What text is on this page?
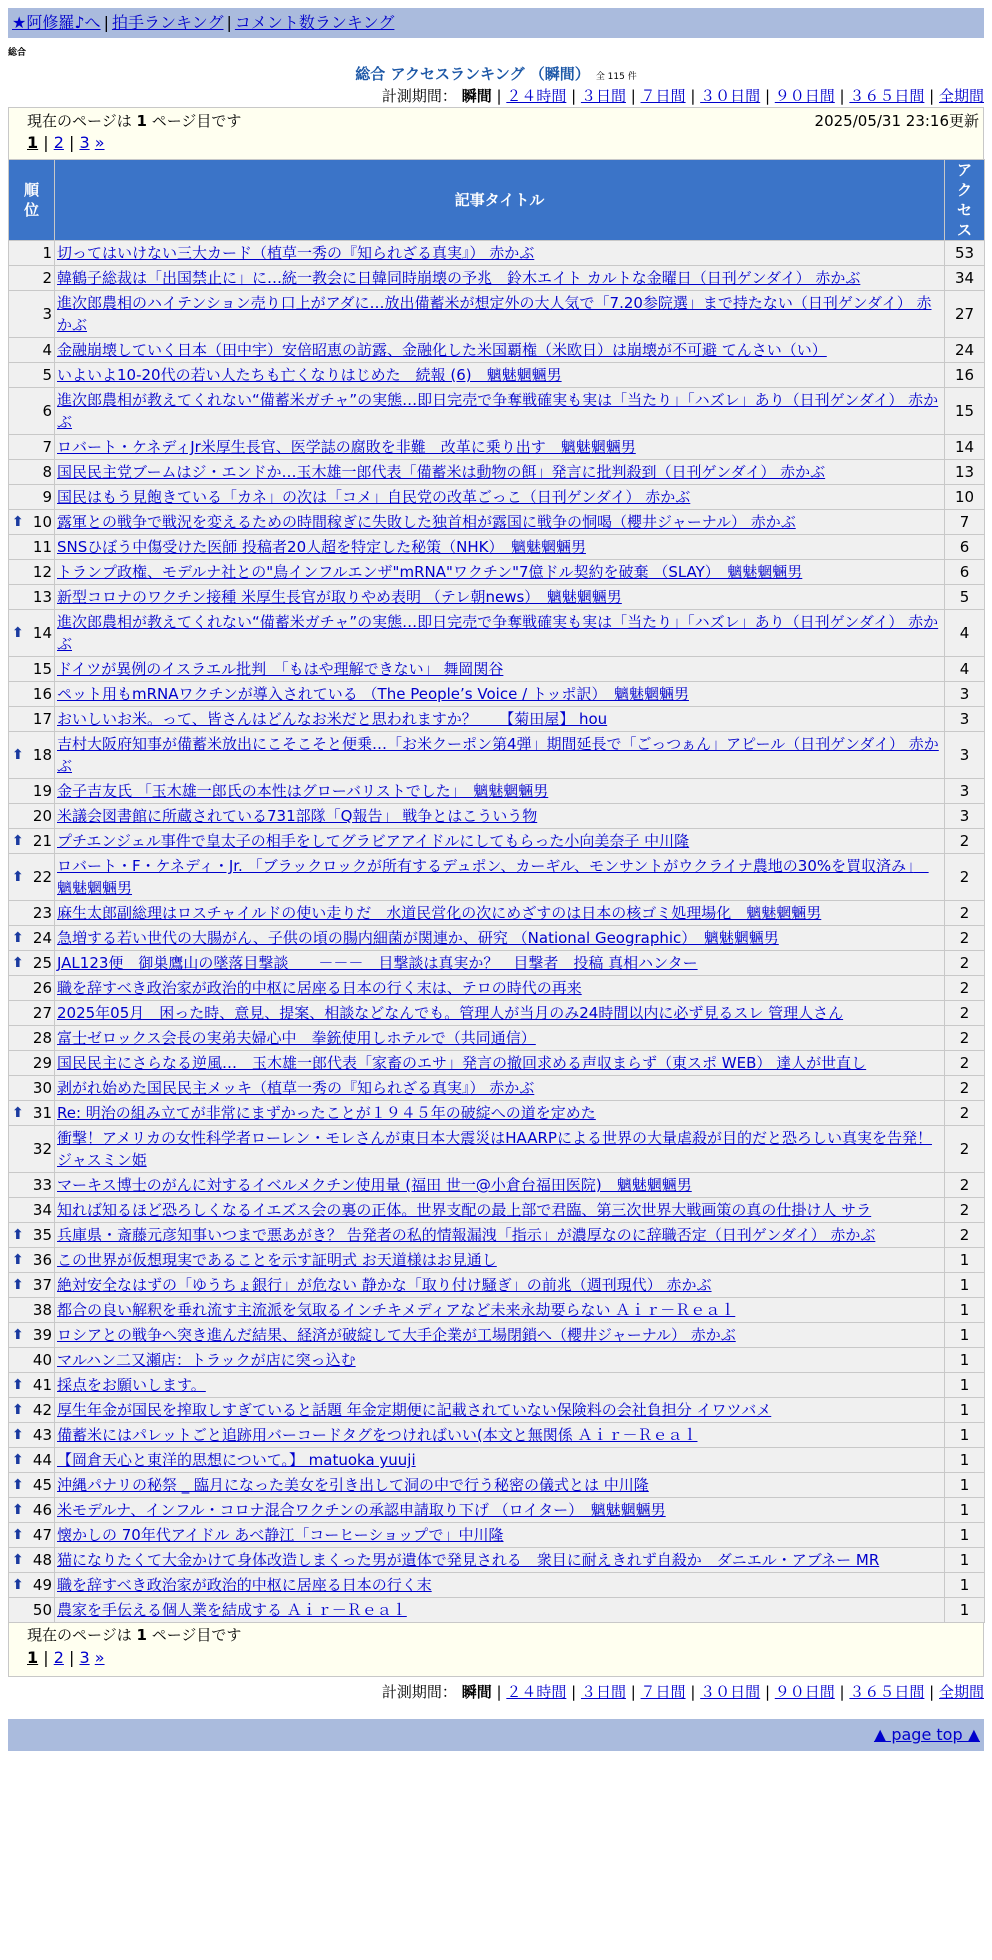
★阿修羅♪へ | 拍手ランキング | コメント数ランキング
総合
総合 アクセスランキング （瞬間） 全 115 件
計測期間： 瞬間 | ２４時間 | ３日間 | ７日間 | ３０日間 | ９０日間 | ３６５日間 | 全期間
現在のページは 1 ページ目です	2025/05/31 23:16更新
1 | 2 | 3 »
順位	記事タイトル	アクセス
1	切ってはいけない三大カード（植草一秀の『知られざる真実』） 赤かぶ	53
2	韓鶴子総裁は「出国禁止に」に…統一教会に日韓同時崩壊の予兆　鈴木エイト カルトな金曜日（日刊ゲンダイ） 赤かぶ	34
3	進次郎農相のハイテンション売り口上がアダに…放出備蓄米が想定外の大人気で「7.20参院選」まで持たない（日刊ゲンダイ） 赤かぶ	27
4	金融崩壊していく日本（田中宇）安倍昭恵の訪露、金融化した米国覇権（米欧日）は崩壊が不可避 てんさい（い）	24
5	いよいよ10-20代の若い人たちも亡くなりはじめた　続報 (6)　魑魅魍魎男	16
6	進次郎農相が教えてくれない“備蓄米ガチャ”の実態…即日完売で争奪戦確実も実は「当たり」「ハズレ」あり（日刊ゲンダイ） 赤かぶ	15
7	ロバート・ケネディJr米厚生長官、医学誌の腐敗を非難　改革に乗り出す　魑魅魍魎男	14
8	国民民主党ブームはジ・エンドか…玉木雄一郎代表「備蓄米は動物の餌」発言に批判殺到（日刊ゲンダイ） 赤かぶ	13
9	国民はもう見飽きている「カネ」の次は「コメ」自民党の改革ごっこ（日刊ゲンダイ） 赤かぶ	10

⬆ 10	露軍との戦争で戦況を変えるための時間稼ぎに失敗した独首相が露国に戦争の恫喝（櫻井ジャーナル） 赤かぶ	7
11	SNSひぼう中傷受けた医師 投稿者20人超を特定した秘策（NHK）　魑魅魍魎男	6
12	トランプ政権、モデルナ社との"鳥インフルエンザ"mRNA"ワクチン"7億ドル契約を破棄 （SLAY）　魑魅魍魎男	6
13	新型コロナのワクチン接種 米厚生長官が取りやめ表明 （テレ朝news）　魑魅魍魎男	5

⬆ 14	進次郎農相が教えてくれない“備蓄米ガチャ”の実態…即日完売で争奪戦確実も実は「当たり」「ハズレ」あり（日刊ゲンダイ） 赤かぶ	4
15	ドイツが異例のイスラエル批判　「もはや理解できない」 舞岡関谷	4
16	ペット用もmRNAワクチンが導入されている （The People’s Voice / トッポ訳）　魑魅魍魎男	3
17	おいしいお米。って、皆さんはどんなお米だと思われますか？　　【菊田屋】 hou	3

⬆ 18	吉村大阪府知事が備蓄米放出にこそこそと便乗…「お米クーポン第4弾」期間延長で「ごっつぁん」アピール（日刊ゲンダイ） 赤かぶ	3
19	金子吉友氏 「玉木雄一郎氏の本性はグローバリストでした」　魑魅魍魎男	3
20	米議会図書館に所蔵されている731部隊「Q報告」 戦争とはこういう物	3

⬆ 21	プチエンジェル事件で皇太子の相手をしてグラビアアイドルにしてもらった小向美奈子 中川隆	2

⬆ 22	ロバート・F・ケネディ・Jr. 「ブラックロックが所有するデュポン、カーギル、モンサントがウクライナ農地の30%を買収済み」　魑魅魍魎男	2
23	麻生太郎副総理はロスチャイルドの使い走りだ　水道民営化の次にめざすのは日本の核ゴミ処理場化　魑魅魍魎男	2

⬆ 24	急増する若い世代の大腸がん、子供の頃の腸内細菌が関連か、研究 （National Geographic）　魑魅魍魎男	2

⬆ 25	JAL123便　御巣鷹山の墜落目撃談　　－－－　目撃談は真実か？　目撃者　投稿 真相ハンター	2
26	職を辞すべき政治家が政治的中枢に居座る日本の行く末は、テロの時代の再来	2
27	2025年05月　困った時、意見、提案、相談などなんでも。管理人が当月のみ24時間以内に必ず見るスレ 管理人さん	2
28	富士ゼロックス会長の実弟夫婦心中　拳銃使用しホテルで（共同通信）	2
29	国民民主にさらなる逆風…　玉木雄一郎代表「家畜のエサ」発言の撤回求める声収まらず（東スポ WEB） 達人が世直し	2
30	剥がれ始めた国民民主メッキ（植草一秀の『知られざる真実』） 赤かぶ	2

⬆ 31	Re: 明治の組み立てが非常にまずかったことが１９４５年の破綻への道を定めた	2
32	衝撃！アメリカの女性科学者ローレン・モレさんが東日本大震災はHAARPによる世界の大量虐殺が目的だと恐ろしい真実を告発！ ジャスミン姫	2
33	マーキス博士のがんに対するイベルメクチン使用量 (福田 世一@小倉台福田医院)　魑魅魍魎男	2
34	知れば知るほど恐ろしくなるイエズス会の裏の正体。世界支配の最上部で君臨、第三次世界大戦画策の真の仕掛け人 サラ	2

⬆ 35	兵庫県・斎藤元彦知事いつまで悪あがき？ 告発者の私的情報漏洩「指示」が濃厚なのに辞職否定（日刊ゲンダイ） 赤かぶ	2

⬆ 36	この世界が仮想現実であることを示す証明式 お天道様はお見通し	1

⬆ 37	絶対安全なはずの「ゆうちょ銀行」が危ない 静かな「取り付け騒ぎ」の前兆（週刊現代） 赤かぶ	1
38	都合の良い解釈を垂れ流す主流派を気取るインチキメディアなど未来永劫要らない Ａｉｒ－Ｒｅａｌ	1

⬆ 39	ロシアとの戦争へ突き進んだ結果、経済が破綻して大手企業が工場閉鎖へ（櫻井ジャーナル） 赤かぶ	1
40	マルハン二又瀬店：トラックが店に突っ込む	1

⬆ 41	採点をお願いします。	1

⬆ 42	厚生年金が国民を搾取しすぎていると話題 年金定期便に記載されていない保険料の会社負担分 イワツバメ	1

⬆ 43	備蓄米にはパレットごと追跡用バーコードタグをつければいい(本文と無関係 Ａｉｒ－Ｒｅａｌ	1

⬆ 44	【岡倉天心と東洋的思想について。】 matuoka yuuji	1

⬆ 45	沖縄パナリの秘祭 _ 臨月になった美女を引き出して洞の中で行う秘密の儀式とは 中川隆	1

⬆ 46	米モデルナ、インフル・コロナ混合ワクチンの承認申請取り下げ （ロイター）　魑魅魍魎男	1

⬆ 47	懐かしの 70年代アイドル あべ静江「コーヒーショップで」中川隆	1

⬆ 48	猫になりたくて大金かけて身体改造しまくった男が遺体で発見される　衆目に耐えきれず自殺か　ダニエル・アブネー MR	1

⬆ 49	職を辞すべき政治家が政治的中枢に居座る日本の行く末	1
50	農家を手伝える個人業を結成する Ａｉｒ－Ｒｅａｌ	1
現在のページは 1 ページ目です
1 | 2 | 3 »
計測期間： 瞬間 | ２４時間 | ３日間 | ７日間 | ３０日間 | ９０日間 | ３６５日間 | 全期間
▲ page top ▲
